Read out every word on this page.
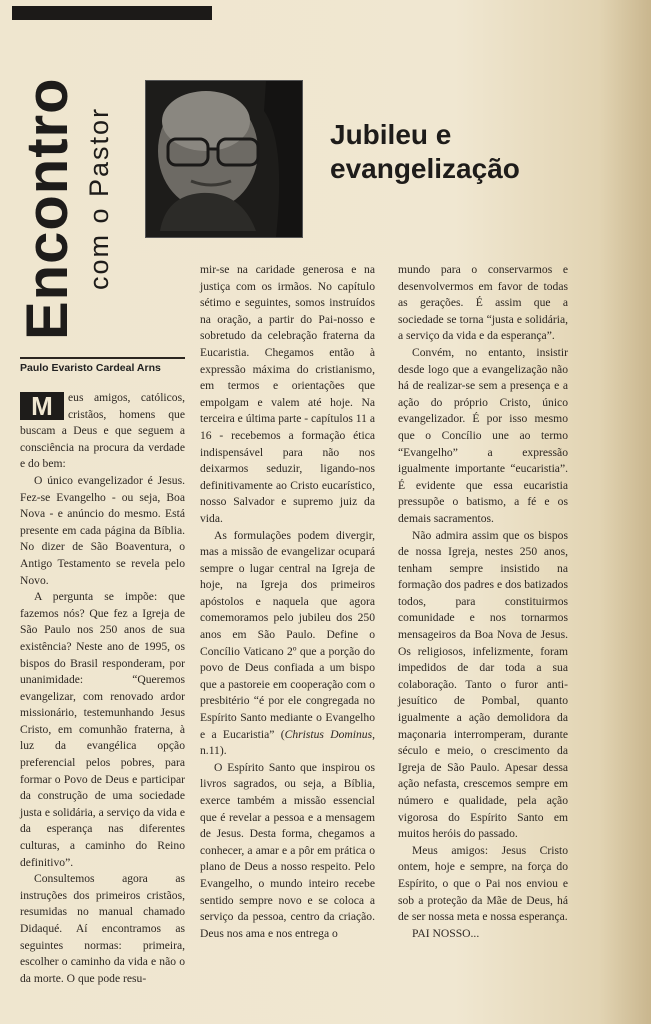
Encontro com o Pastor	Jubileu e
evangelização
Paulo Evaristo Cardeal Arns

M	eus amigos, católicos, cristãos, homens que buscam a Deus e que seguem a consciência na procura da verdade e do bem:

O único evangelizador é Jesus. Fez-se Evangelho - ou seja, Boa Nova - e anúncio do mesmo. Está presente em cada página da Bíblia. No dizer de São Boaventura, o Antigo Testamento se revela pelo Novo.

A pergunta se impõe: que fazemos nós? Que fez a Igreja de São Paulo nos 250 anos de sua existência? Neste ano de 1995, os bispos do Brasil responderam, por unanimidade: “Queremos evangelizar, com renovado ardor missionário, testemunhando Jesus Cristo, em comunhão fraterna, à luz da evangélica opção preferencial pelos pobres, para formar o Povo de Deus e participar da construção de uma sociedade justa e solidária, a serviço da vida e da esperança nas diferentes culturas, a caminho do Reino definitivo”.

Consultemos agora as instruções dos primeiros cristãos, resumidas no manual chamado Didaqué. Aí encontramos as seguintes normas: primeira, escolher o caminho da vida e não o da morte. O que pode resu-

mir-se na caridade generosa e na justiça com os irmãos. No capítulo sétimo e seguintes, somos instruídos na oração, a partir do Pai-nosso e sobretudo da celebração fraterna da Eucaristia. Chegamos então à expressão máxima do cristianismo, em termos e orientações que empolgam e valem até hoje. Na terceira e última parte - capítulos 11 a 16 - recebemos a formação ética indispensável para não nos deixarmos seduzir, ligando-nos definitivamente ao Cristo eucarístico, nosso Salvador e supremo juiz da vida.

As formulações podem divergir, mas a missão de evangelizar ocupará sempre o lugar central na Igreja de hoje, na Igreja dos primeiros apóstolos e naquela que agora comemoramos pelo jubileu dos 250 anos em São Paulo. Define o Concílio Vaticano 2º que a porção do povo de Deus confiada a um bispo que a pastoreie em cooperação com o presbitério “é por ele congregada no Espírito Santo mediante o Evangelho e a Eucaristia” (Christus Dominus, n.11).

O Espírito Santo que inspirou os livros sagrados, ou seja, a Bíblia, exerce também a missão essencial que é revelar a pessoa e a mensagem de Jesus. Desta forma, chegamos a conhecer, a amar e a pôr em prática o plano de Deus a nosso respeito. Pelo Evangelho, o mundo inteiro recebe sentido sempre novo e se coloca a serviço da pessoa, centro da criação. Deus nos ama e nos entrega o

mundo para o conservarmos e desenvolvermos em favor de todas as gerações. É assim que a sociedade se torna “justa e solidária, a serviço da vida e da esperança”.

Convém, no entanto, insistir desde logo que a evangelização não há de realizar-se sem a presença e a ação do próprio Cristo, único evangelizador. É por isso mesmo que o Concílio une ao termo “Evangelho” a expressão igualmente importante “eucaristia”. É evidente que essa eucaristia pressupõe o batismo, a fé e os demais sacramentos.

Não admira assim que os bispos de nossa Igreja, nestes 250 anos, tenham sempre insistido na formação dos padres e dos batizados todos, para constituirmos comunidade e nos tornarmos mensageiros da Boa Nova de Jesus. Os religiosos, infelizmente, foram impedidos de dar toda a sua colaboração. Tanto o furor anti-jesuítico de Pombal, quanto igualmente a ação demolidora da maçonaria interromperam, durante século e meio, o crescimento da Igreja de São Paulo. Apesar dessa ação nefasta, crescemos sempre em número e qualidade, pela ação vigorosa do Espírito Santo em muitos heróis do passado.

Meus amigos: Jesus Cristo ontem, hoje e sempre, na força do Espírito, o que o Pai nos enviou e sob a proteção da Mãe de Deus, há de ser nossa meta e nossa esperança.

PAI NOSSO...
